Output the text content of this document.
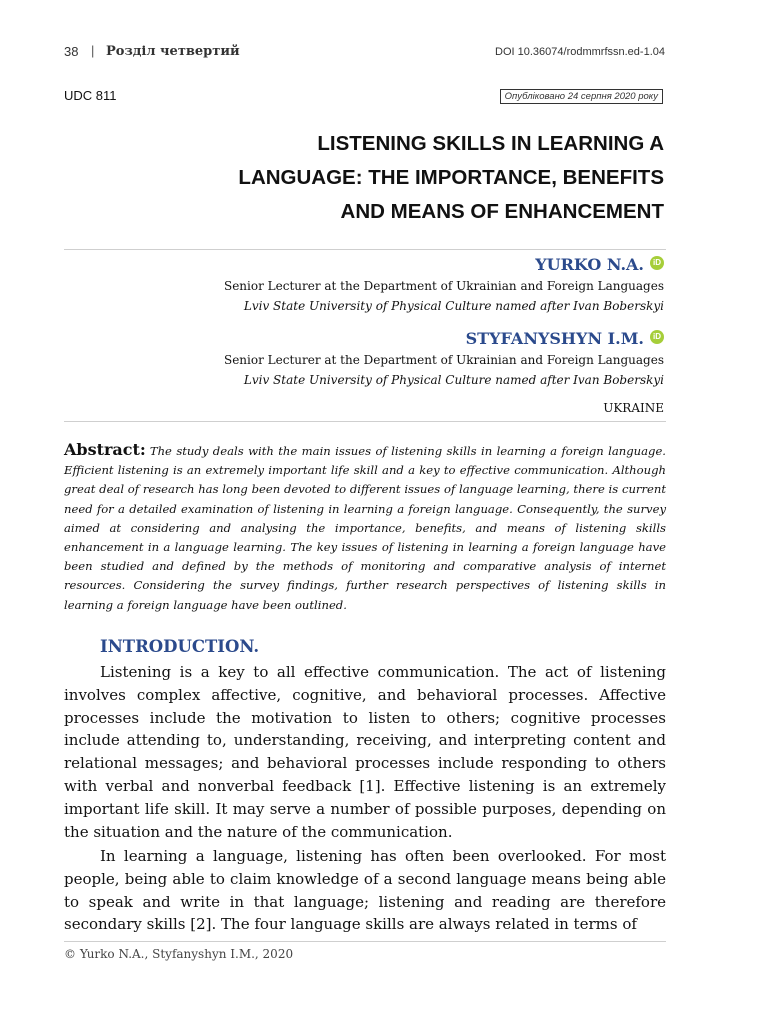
38 | Розділ четвертий	DOI 10.36074/rodmmrfssn.ed-1.04
UDC 811	Опубліковано 24 серпня 2020 року
LISTENING SKILLS IN LEARNING A
LANGUAGE: THE IMPORTANCE, BENEFITS
AND MEANS OF ENHANCEMENT
YURKO N.A.	iD
Senior Lecturer at the Department of Ukrainian and Foreign Languages
Lviv State University of Physical Culture named after Ivan Boberskyi
STYFANYSHYN I.M.	iD
Senior Lecturer at the Department of Ukrainian and Foreign Languages
Lviv State University of Physical Culture named after Ivan Boberskyi
UKRAINE
Abstract: The study deals with the main issues of listening skills in learning a foreign language. Efficient listening is an extremely important life skill and a key to effective communication. Although great deal of research has long been devoted to different issues of language learning, there is current need for a detailed examination of listening in learning a foreign language. Consequently, the survey aimed at considering and analysing the importance, benefits, and means of listening skills enhancement in a language learning. The key issues of listening in learning a foreign language have been studied and defined by the methods of monitoring and comparative analysis of internet resources. Considering the survey findings, further research perspectives of listening skills in learning a foreign language have been outlined.
INTRODUCTION.
Listening is a key to all effective communication. The act of listening involves complex affective, cognitive, and behavioral processes. Affective processes include the motivation to listen to others; cognitive processes include attending to, understanding, receiving, and interpreting content and relational messages; and behavioral processes include responding to others with verbal and nonverbal feedback [1]. Effective listening is an extremely important life skill. It may serve a number of possible purposes, depending on the situation and the nature of the communication.
In learning a language, listening has often been overlooked. For most people, being able to claim knowledge of a second language means being able to speak and write in that language; listening and reading are therefore secondary skills [2]. The four language skills are always related in terms of
© Yurko N.A., Styfanyshyn I.M., 2020
